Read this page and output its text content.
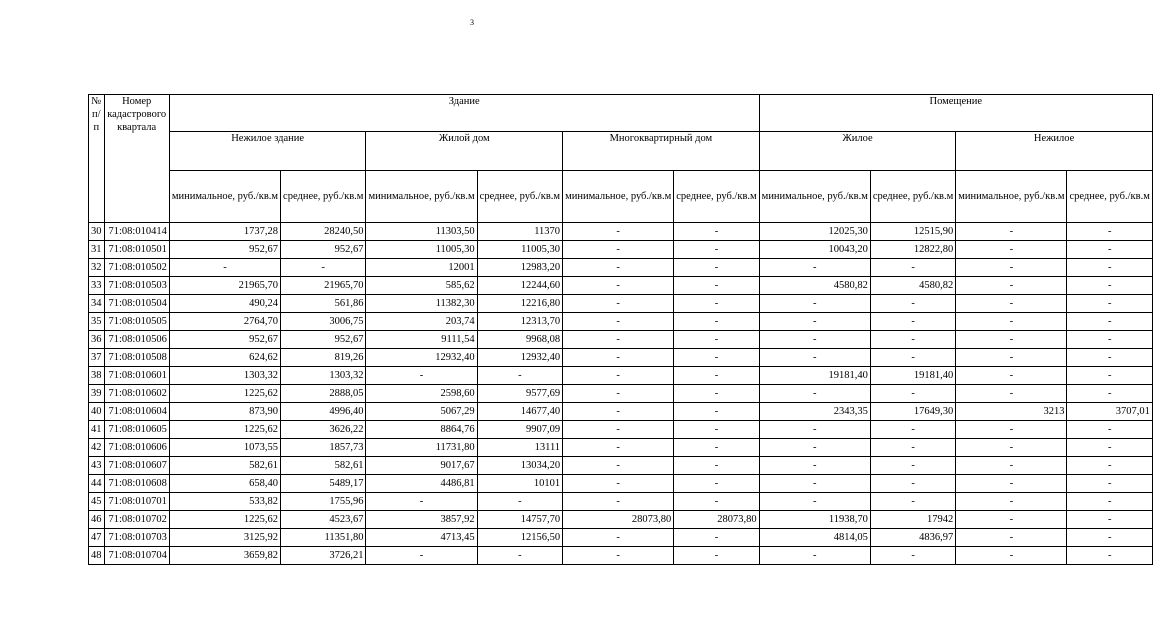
3
№ п/п	Номер кадастрового квартала	Здание						Помещение			
		Нежилое здание		Жилой дом		Многоквартирный дом		Жилое		Нежилое	
		минимальное, руб./кв.м	среднее, руб./кв.м	минимальное, руб./кв.м	среднее, руб./кв.м	минимальное, руб./кв.м	среднее, руб./кв.м	минимальное, руб./кв.м	среднее, руб./кв.м	минимальное, руб./кв.м	среднее, руб./кв.м
30	71:08:010414	1737,28	28240,50	11303,50	11370	-	-	12025,30	12515,90	-	-
31	71:08:010501	952,67	952,67	11005,30	11005,30	-	-	10043,20	12822,80	-	-
32	71:08:010502	-	-	12001	12983,20	-	-	-	-	-	-
33	71:08:010503	21965,70	21965,70	585,62	12244,60	-	-	4580,82	4580,82	-	-
34	71:08:010504	490,24	561,86	11382,30	12216,80	-	-	-	-	-	-
35	71:08:010505	2764,70	3006,75	203,74	12313,70	-	-	-	-	-	-
36	71:08:010506	952,67	952,67	9111,54	9968,08	-	-	-	-	-	-
37	71:08:010508	624,62	819,26	12932,40	12932,40	-	-	-	-	-	-
38	71:08:010601	1303,32	1303,32	-	-	-	-	19181,40	19181,40	-	-
39	71:08:010602	1225,62	2888,05	2598,60	9577,69	-	-	-	-	-	-
40	71:08:010604	873,90	4996,40	5067,29	14677,40	-	-	2343,35	17649,30	3213	3707,01
41	71:08:010605	1225,62	3626,22	8864,76	9907,09	-	-	-	-	-	-
42	71:08:010606	1073,55	1857,73	11731,80	13111	-	-	-	-	-	-
43	71:08:010607	582,61	582,61	9017,67	13034,20	-	-	-	-	-	-
44	71:08:010608	658,40	5489,17	4486,81	10101	-	-	-	-	-	-
45	71:08:010701	533,82	1755,96	-	-	-	-	-	-	-	-
46	71:08:010702	1225,62	4523,67	3857,92	14757,70	28073,80	28073,80	11938,70	17942	-	-
47	71:08:010703	3125,92	11351,80	4713,45	12156,50	-	-	4814,05	4836,97	-	-
48	71:08:010704	3659,82	3726,21	-	-	-	-	-	-	-	-
